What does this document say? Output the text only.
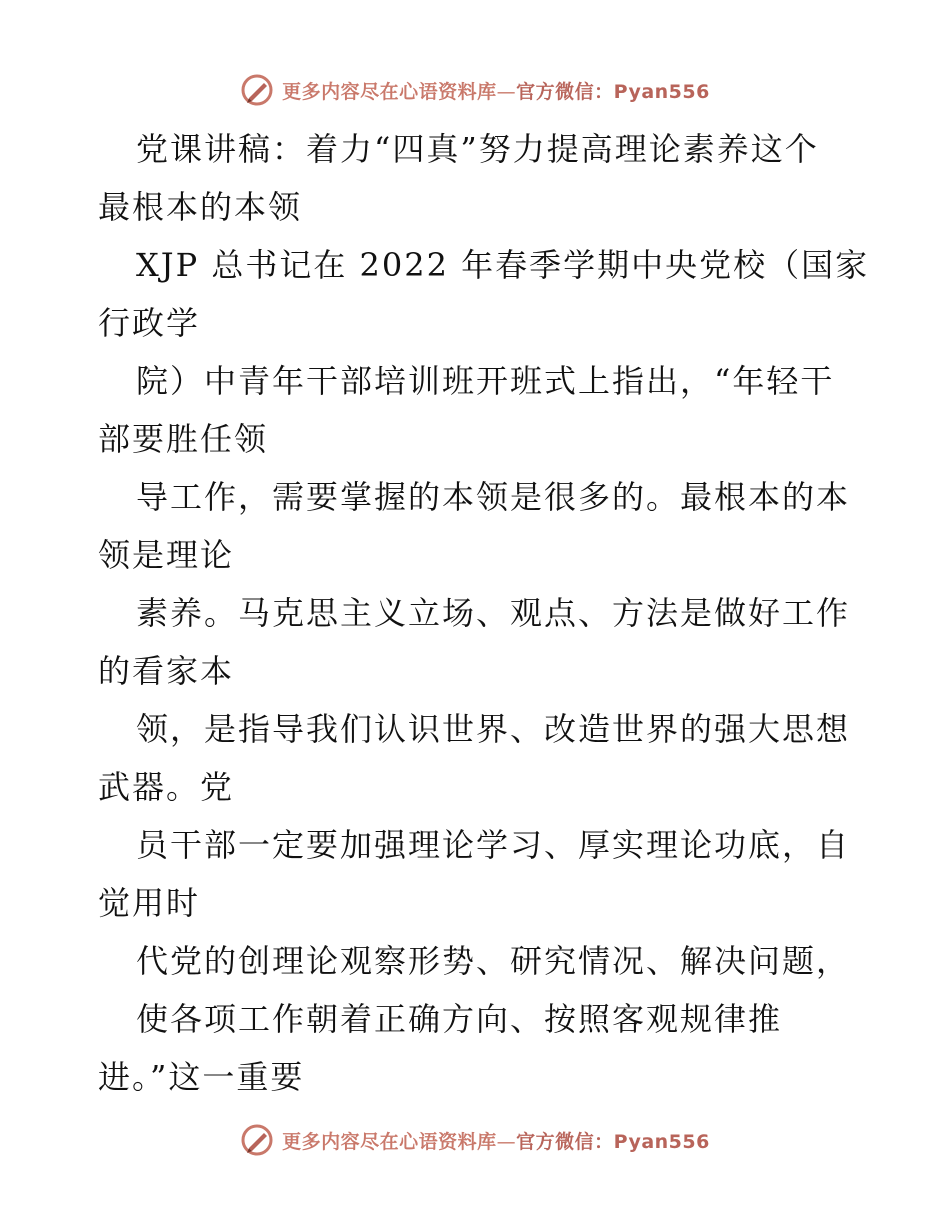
更多内容尽在心语资料库—官方微信：Pyan556
党课讲稿：着力“四真”努力提高理论素养这个
最根本的本领
XJP 总书记在 2022 年春季学期中央党校（国家
行政学
院）中青年干部培训班开班式上指出，“年轻干
部要胜任领
导工作，需要掌握的本领是很多的。最根本的本
领是理论
素养。马克思主义立场、观点、方法是做好工作
的看家本
领，是指导我们认识世界、改造世界的强大思想
武器。党
员干部一定要加强理论学习、厚实理论功底，自
觉用时
代党的创理论观察形势、研究情况、解决问题，
使各项工作朝着正确方向、按照客观规律推
进。”这一重要
更多内容尽在心语资料库—官方微信：Pyan556
